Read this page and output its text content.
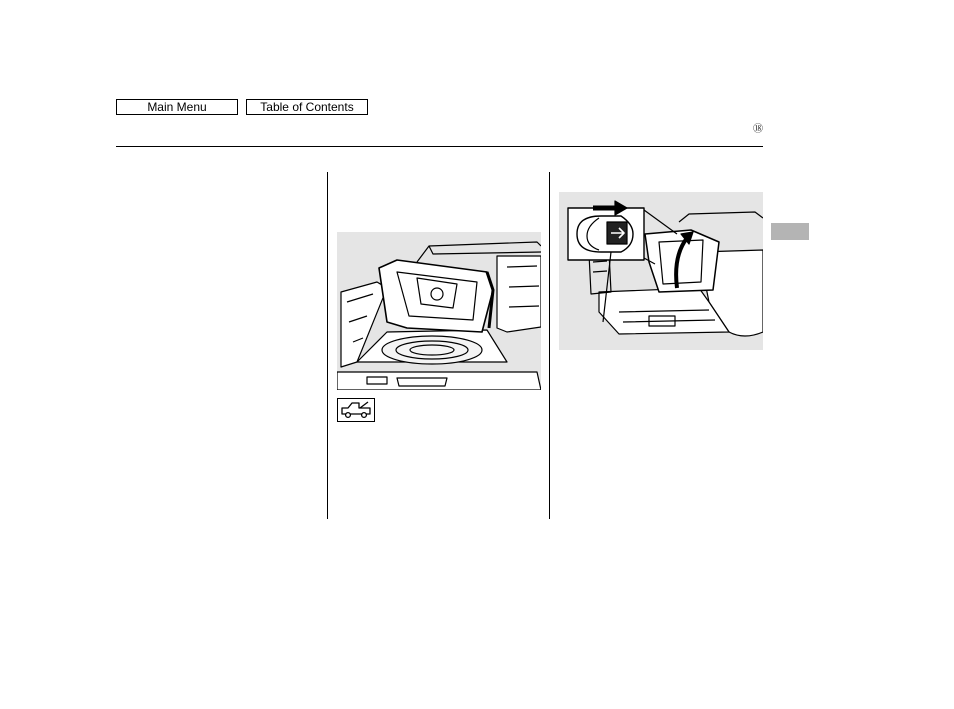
Main Menu	Table of Contents
⑱
